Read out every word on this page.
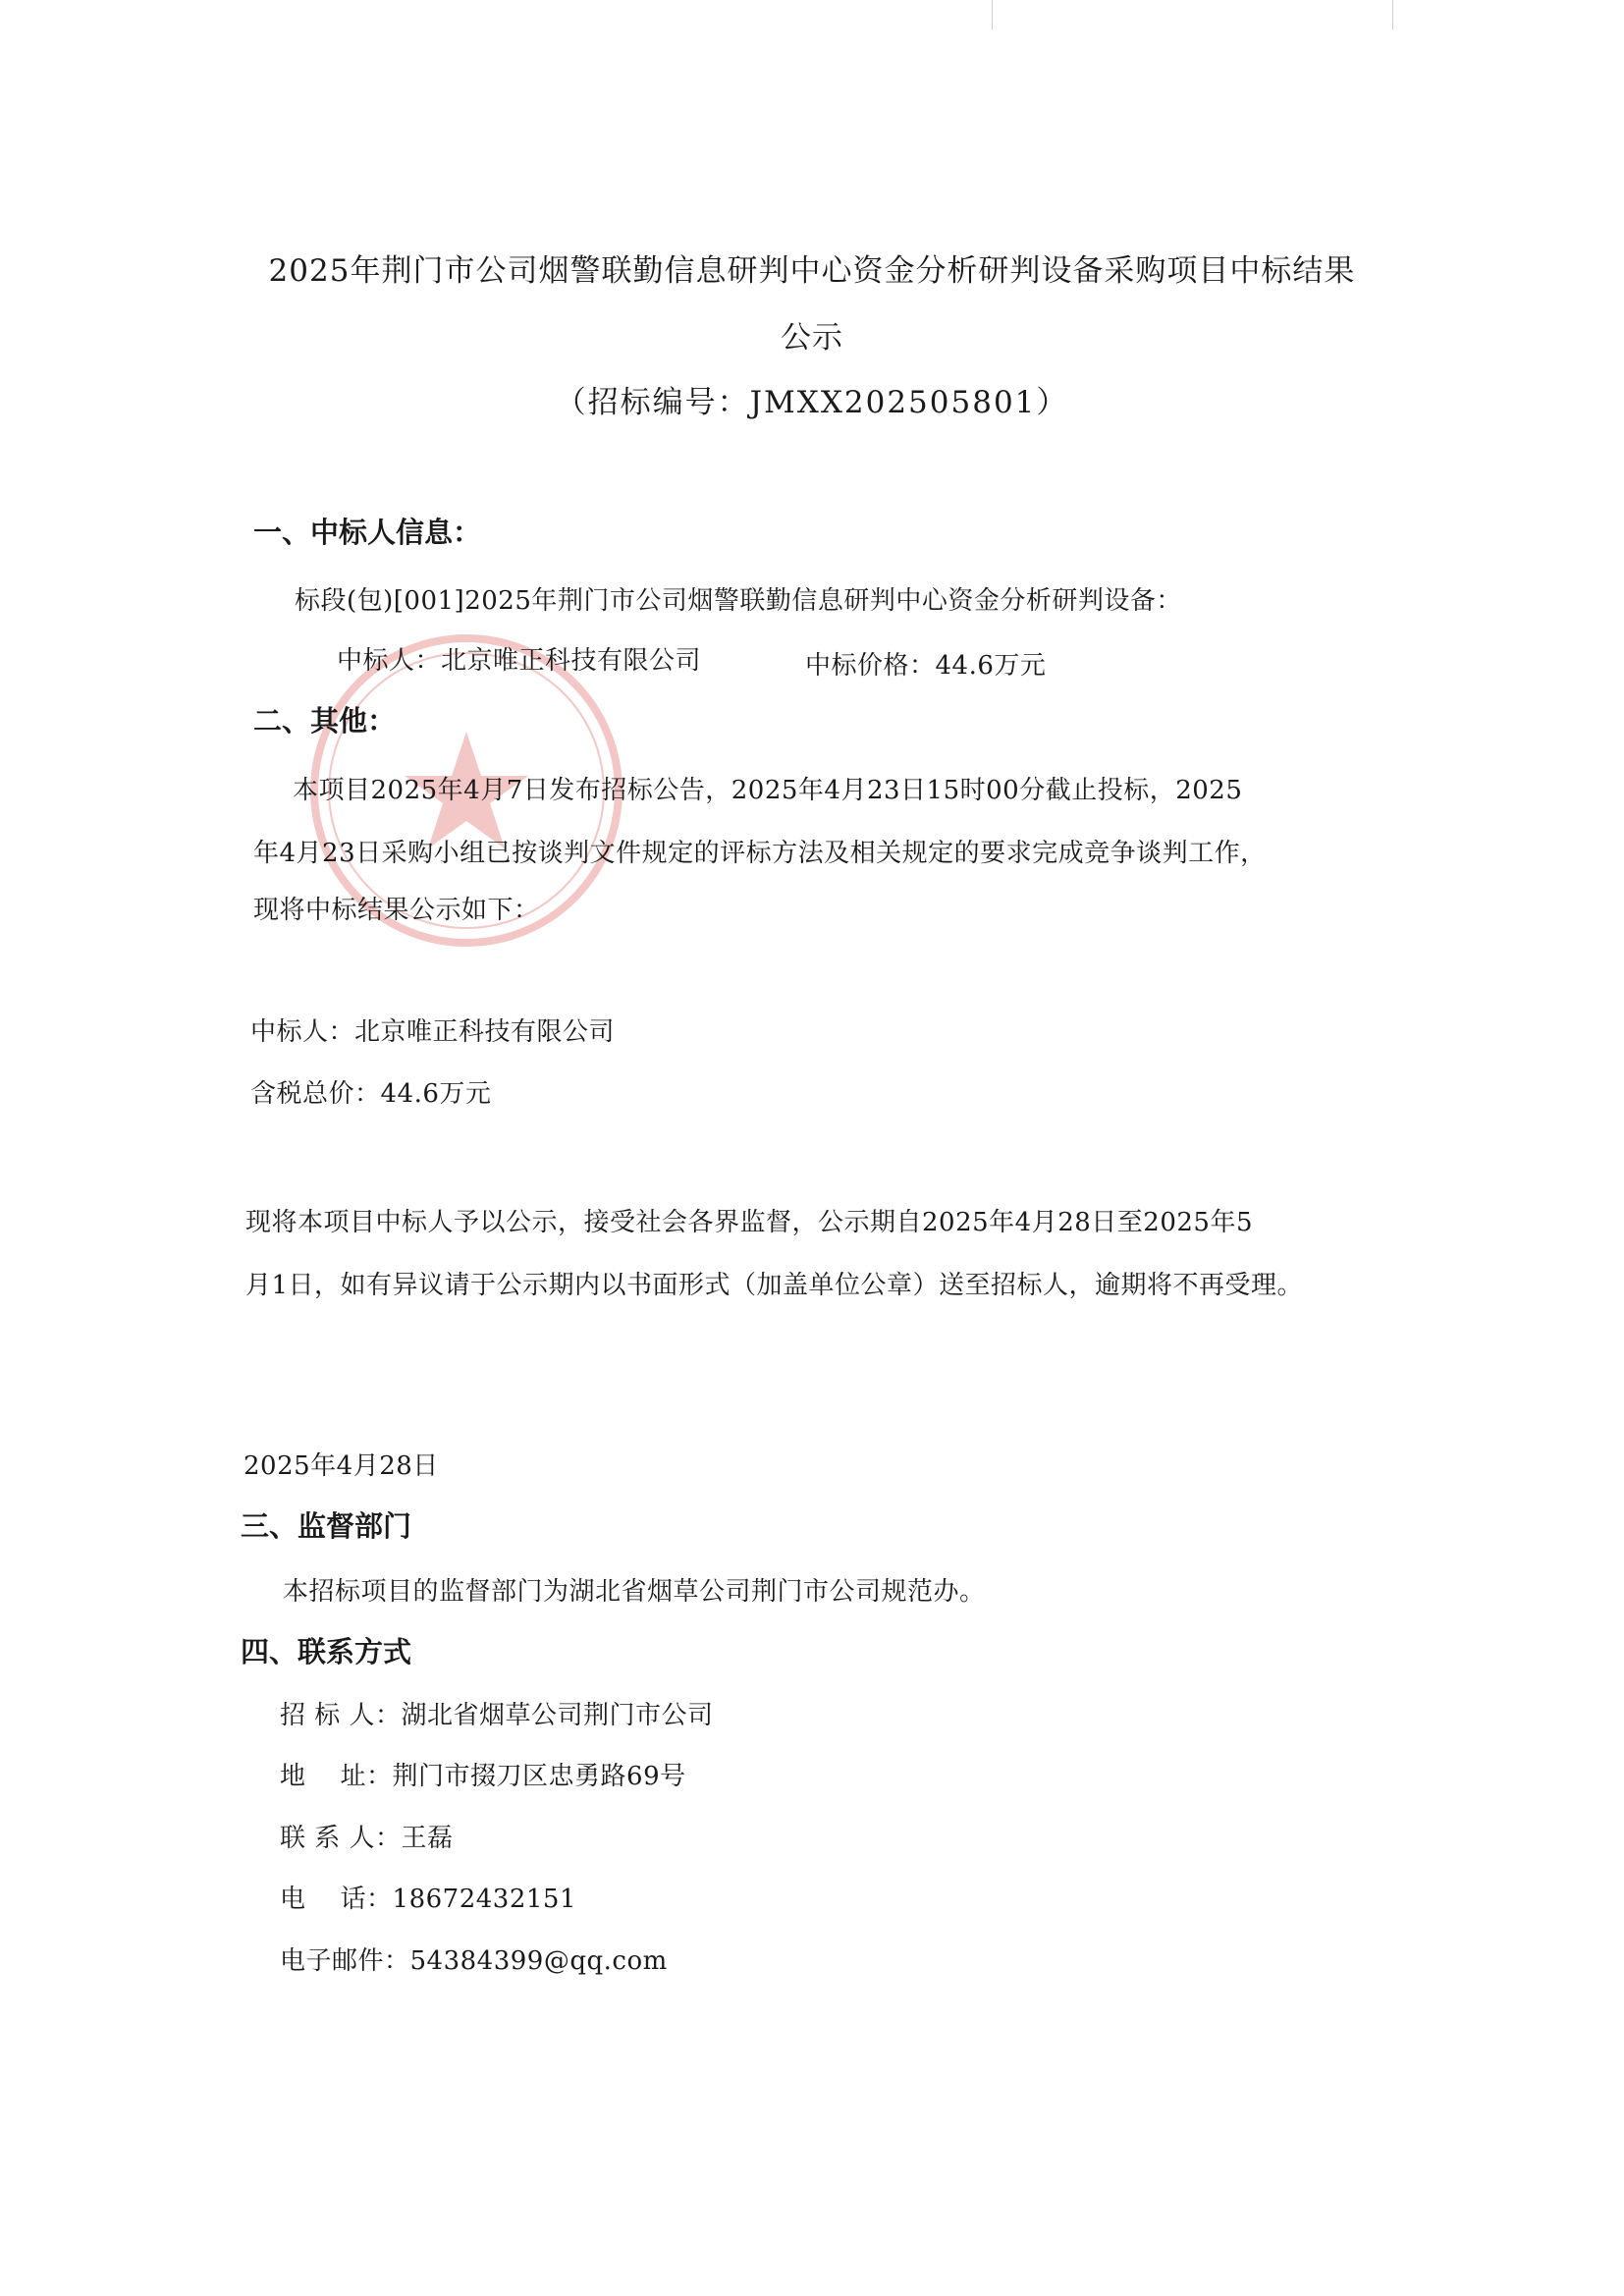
2025年荆门市公司烟警联勤信息研判中心资金分析研判设备采购项目中标结果
公示
（招标编号：JMXX202505801）
一、中标人信息：
标段(包)[001]2025年荆门市公司烟警联勤信息研判中心资金分析研判设备：
中标人：北京唯正科技有限公司	中标价格：44.6万元
二、其他：
本项目2025年4月7日发布招标公告，2025年4月23日15时00分截止投标，2025
年4月23日采购小组已按谈判文件规定的评标方法及相关规定的要求完成竞争谈判工作，
现将中标结果公示如下：
中标人：北京唯正科技有限公司
含税总价：44.6万元
现将本项目中标人予以公示，接受社会各界监督，公示期自2025年4月28日至2025年5
月1日，如有异议请于公示期内以书面形式（加盖单位公章）送至招标人，逾期将不再受理。
2025年4月28日
三、监督部门
本招标项目的监督部门为湖北省烟草公司荆门市公司规范办。
四、联系方式
招 标 人：湖北省烟草公司荆门市公司
地    址：荆门市掇刀区忠勇路69号
联 系 人：王磊
电    话：18672432151
电子邮件：54384399@qq.com
